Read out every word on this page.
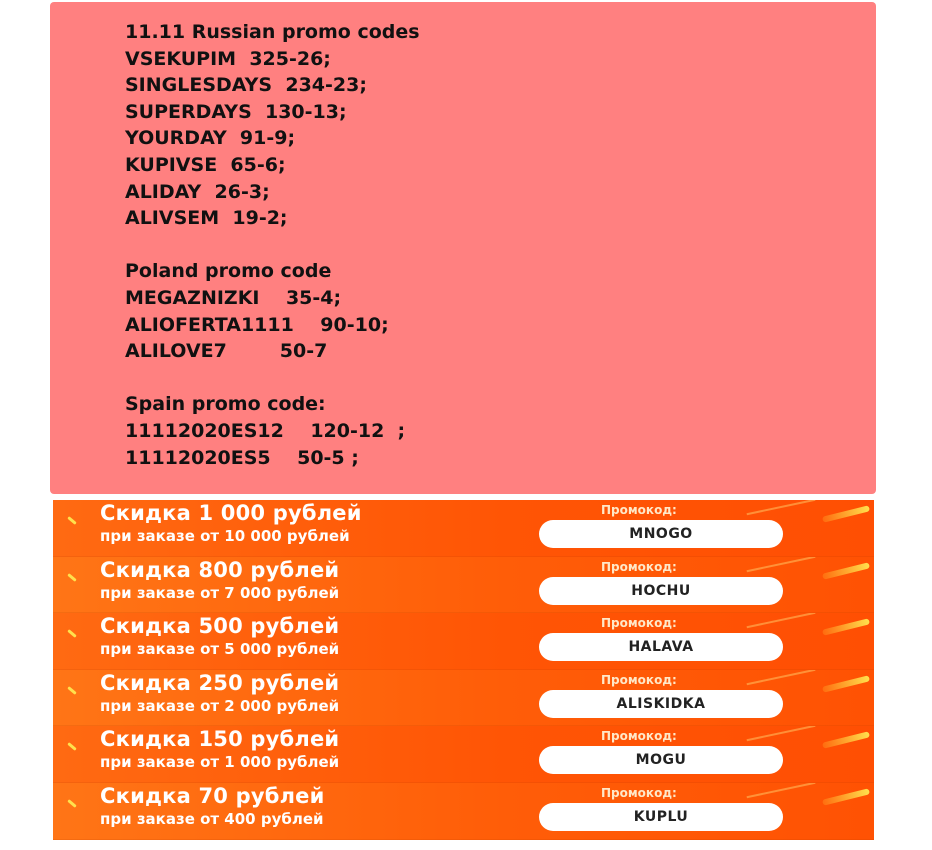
11.11 Russian promo codes
VSEKUPIM  325-26;
SINGLESDAYS  234-23;
SUPERDAYS  130-13;
YOURDAY  91-9;
KUPIVSE  65-6;
ALIDAY  26-3;
ALIVSEM  19-2;
Poland promo code
MEGAZNIZKI    35-4;
ALIOFERTA1111    90-10;
ALILOVE7        50-7
Spain promo code:
11112020ES12    120-12  ;
11112020ES5    50-5 ;
Скидка 1 000 рублей
при заказе от 10 000 рублей
Промокод:
MNOGO
Скидка 800 рублей
при заказе от 7 000 рублей
Промокод:
HOCHU
Скидка 500 рублей
при заказе от 5 000 рублей
Промокод:
HALAVA
Скидка 250 рублей
при заказе от 2 000 рублей
Промокод:
ALISKIDKA
Скидка 150 рублей
при заказе от 1 000 рублей
Промокод:
MOGU
Скидка 70 рублей
при заказе от 400 рублей
Промокод:
KUPLU
